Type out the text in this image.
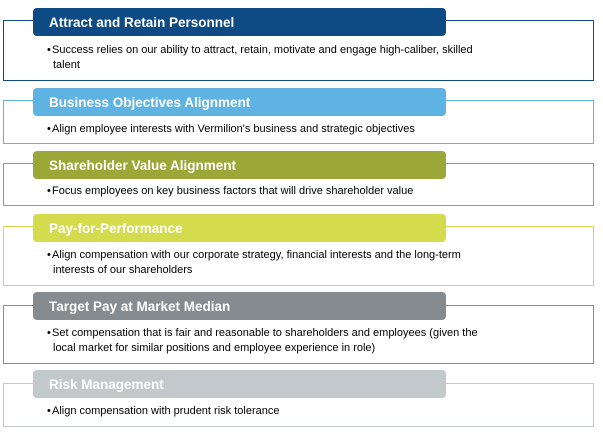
Attract and Retain Personnel
•Success relies on our ability to attract, retain, motivate and engage high-caliber, skilled
talent
Business Objectives Alignment
•Align employee interests with Vermilion's business and strategic objectives
Shareholder Value Alignment
•Focus employees on key business factors that will drive shareholder value
Pay-for-Performance
•Align compensation with our corporate strategy, financial interests and the long-term
interests of our shareholders
Target Pay at Market Median
•Set compensation that is fair and reasonable to shareholders and employees (given the
local market for similar positions and employee experience in role)
Risk Management
•Align compensation with prudent risk tolerance
